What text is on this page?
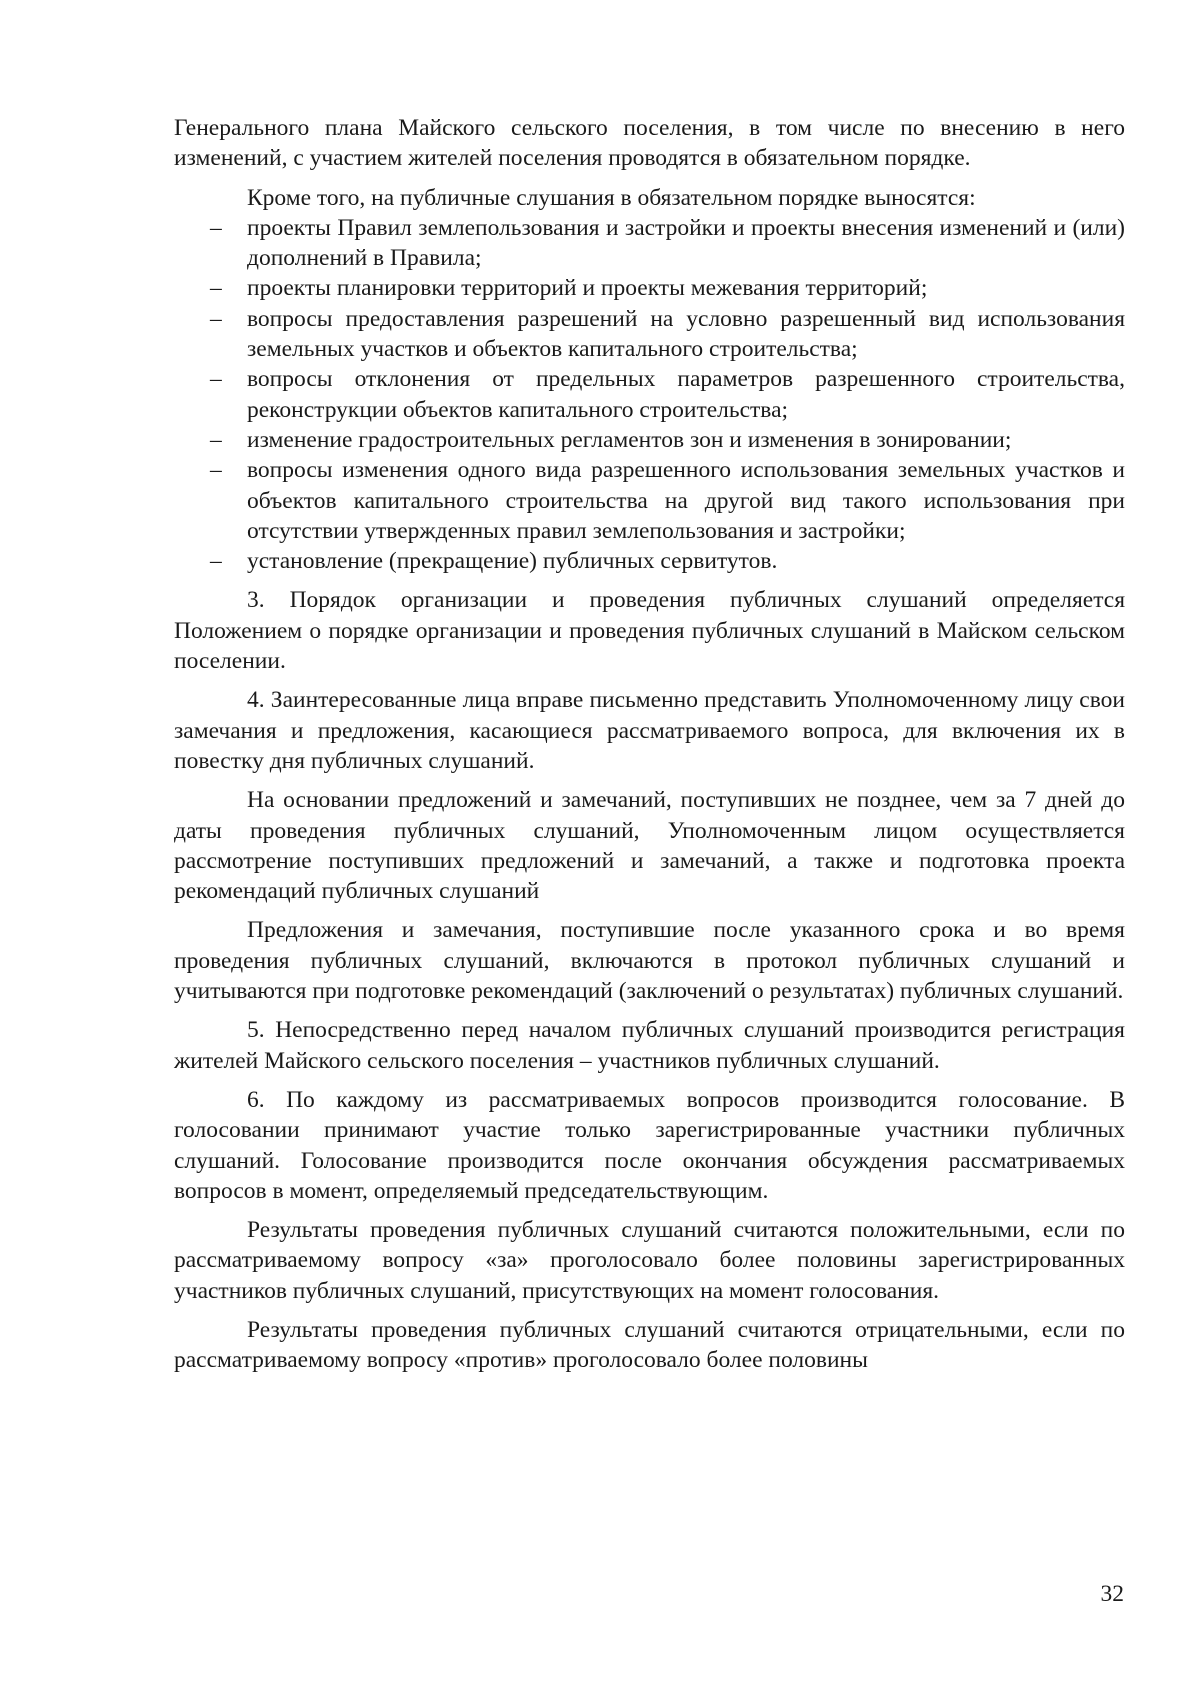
Генерального плана Майского сельского поселения, в том числе по внесению в него изменений, с участием жителей поселения проводятся в обязательном порядке.

Кроме того, на публичные слушания в обязательном порядке выносятся:

– проекты Правил землепользования и застройки и проекты внесения изменений и (или) дополнений в Правила;
– проекты планировки территорий и проекты межевания территорий;
– вопросы предоставления разрешений на условно разрешенный вид использования земельных участков и объектов капитального строительства;
– вопросы отклонения от предельных параметров разрешенного строительства, реконструкции объектов капитального строительства;
– изменение градостроительных регламентов зон и изменения в зонировании;
– вопросы изменения одного вида разрешенного использования земельных участков и объектов капитального строительства на другой вид такого использования при отсутствии утвержденных правил землепользования и застройки;
– установление (прекращение) публичных сервитутов.

3. Порядок организации и проведения публичных слушаний определяется Положением о порядке организации и проведения публичных слушаний в Майском сельском поселении.

4. Заинтересованные лица вправе письменно представить Уполномоченному лицу свои замечания и предложения, касающиеся рассматриваемого вопроса, для включения их в повестку дня публичных слушаний.

На основании предложений и замечаний, поступивших не позднее, чем за 7 дней до даты проведения публичных слушаний, Уполномоченным лицом осуществляется рассмотрение поступивших предложений и замечаний, а также и подготовка проекта рекомендаций публичных слушаний

Предложения и замечания, поступившие после указанного срока и во время проведения публичных слушаний, включаются в протокол публичных слушаний и учитываются при подготовке рекомендаций (заключений о результатах) публичных слушаний.

5. Непосредственно перед началом публичных слушаний производится регистрация жителей Майского сельского поселения – участников публичных слушаний.

6. По каждому из рассматриваемых вопросов производится голосование. В голосовании принимают участие только зарегистрированные участники публичных слушаний. Голосование производится после окончания обсуждения рассматриваемых вопросов в момент, определяемый председательствующим.

Результаты проведения публичных слушаний считаются положительными, если по рассматриваемому вопросу «за» проголосовало более половины зарегистрированных участников публичных слушаний, присутствующих на момент голосования.

Результаты проведения публичных слушаний считаются отрицательными, если по рассматриваемому вопросу «против» проголосовало более половины

32
